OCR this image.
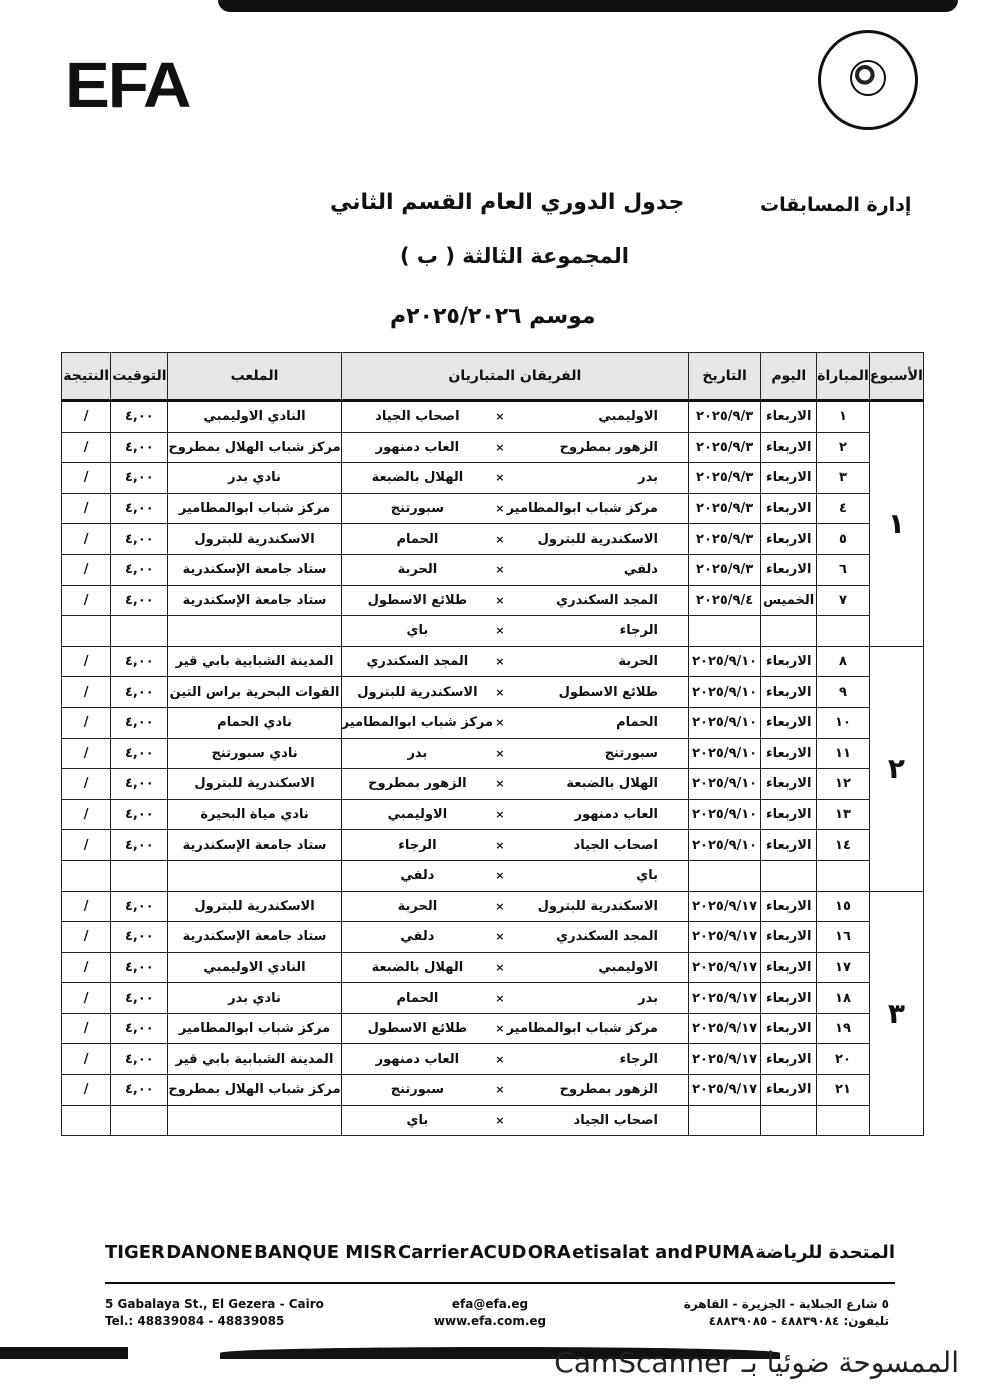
EFA
إدارة المسابقات
جدول الدوري العام القسم الثاني
المجموعة الثالثة ( ب )
موسم ٢٠٢٥/٢٠٢٦م
الأسبوع	المباراة	اليوم	التاريخ	الفريقان المتباريان			الملعب	التوقيت	النتيجة
١	١	الاربعاء	٢٠٢٥/٩/٣	الاوليمبي	×	اصحاب الجياد	النادي الاوليمبي	٤,٠٠	/
	٢	الاربعاء	٢٠٢٥/٩/٣	الزهور بمطروح	×	العاب دمنهور	مركز شباب الهلال بمطروح	٤,٠٠	/
	٣	الاربعاء	٢٠٢٥/٩/٣	بدر	×	الهلال بالضبعة	نادي بدر	٤,٠٠	/
	٤	الاربعاء	٢٠٢٥/٩/٣	مركز شباب ابوالمطامير	×	سبورتنج	مركز شباب ابوالمطامير	٤,٠٠	/
	٥	الاربعاء	٢٠٢٥/٩/٣	الاسكندرية للبترول	×	الحمام	الاسكندرية للبترول	٤,٠٠	/
	٦	الاربعاء	٢٠٢٥/٩/٣	دلفي	×	الحربة	ستاد جامعة الإسكندرية	٤,٠٠	/
	٧	الخميس	٢٠٢٥/٩/٤	المجد السكندري	×	طلائع الاسطول	ستاد جامعة الإسكندرية	٤,٠٠	/
				الرجاء	×	باي			
٢	٨	الاربعاء	٢٠٢٥/٩/١٠	الحربة	×	المجد السكندري	المدينة الشبابية بابي قير	٤,٠٠	/
	٩	الاربعاء	٢٠٢٥/٩/١٠	طلائع الاسطول	×	الاسكندرية للبترول	القوات البحرية براس التين	٤,٠٠	/
	١٠	الاربعاء	٢٠٢٥/٩/١٠	الحمام	×	مركز شباب ابوالمطامير	نادي الحمام	٤,٠٠	/
	١١	الاربعاء	٢٠٢٥/٩/١٠	سبورتنج	×	بدر	نادي سبورتنج	٤,٠٠	/
	١٢	الاربعاء	٢٠٢٥/٩/١٠	الهلال بالضبعة	×	الزهور بمطروح	الاسكندرية للبترول	٤,٠٠	/
	١٣	الاربعاء	٢٠٢٥/٩/١٠	العاب دمنهور	×	الاوليمبي	نادي مياة البحيرة	٤,٠٠	/
	١٤	الاربعاء	٢٠٢٥/٩/١٠	اصحاب الجياد	×	الرجاء	ستاد جامعة الإسكندرية	٤,٠٠	/
				باي	×	دلفي			
٣	١٥	الاربعاء	٢٠٢٥/٩/١٧	الاسكندرية للبترول	×	الحربة	الاسكندرية للبترول	٤,٠٠	/
	١٦	الاربعاء	٢٠٢٥/٩/١٧	المجد السكندري	×	دلفي	ستاد جامعة الإسكندرية	٤,٠٠	/
	١٧	الاربعاء	٢٠٢٥/٩/١٧	الاوليمبي	×	الهلال بالضبعة	النادي الاوليمبي	٤,٠٠	/
	١٨	الاربعاء	٢٠٢٥/٩/١٧	بدر	×	الحمام	نادي بدر	٤,٠٠	/
	١٩	الاربعاء	٢٠٢٥/٩/١٧	مركز شباب ابوالمطامير	×	طلائع الاسطول	مركز شباب ابوالمطامير	٤,٠٠	/
	٢٠	الاربعاء	٢٠٢٥/٩/١٧	الرجاء	×	العاب دمنهور	المدينة الشبابية بابي قير	٤,٠٠	/
	٢١	الاربعاء	٢٠٢٥/٩/١٧	الزهور بمطروح	×	سبورتنج	مركز شباب الهلال بمطروح	٤,٠٠	/
				اصحاب الجياد	×	باي			
TIGER DANONE BANQUE MISR Carrier ACUD ORA etisalat and PUMA المتحدة للرياضة
5 Gabalaya St., El Gezera - Cairo
Tel.: 48839084 - 48839085
efa@efa.eg
www.efa.com.eg
٥ شارع الجبلاية - الجزيرة - القاهرة
تليفون: ٤٨٨٣٩٠٨٤ - ٤٨٨٣٩٠٨٥
الممسوحة ضوئيا بـ CamScanner
